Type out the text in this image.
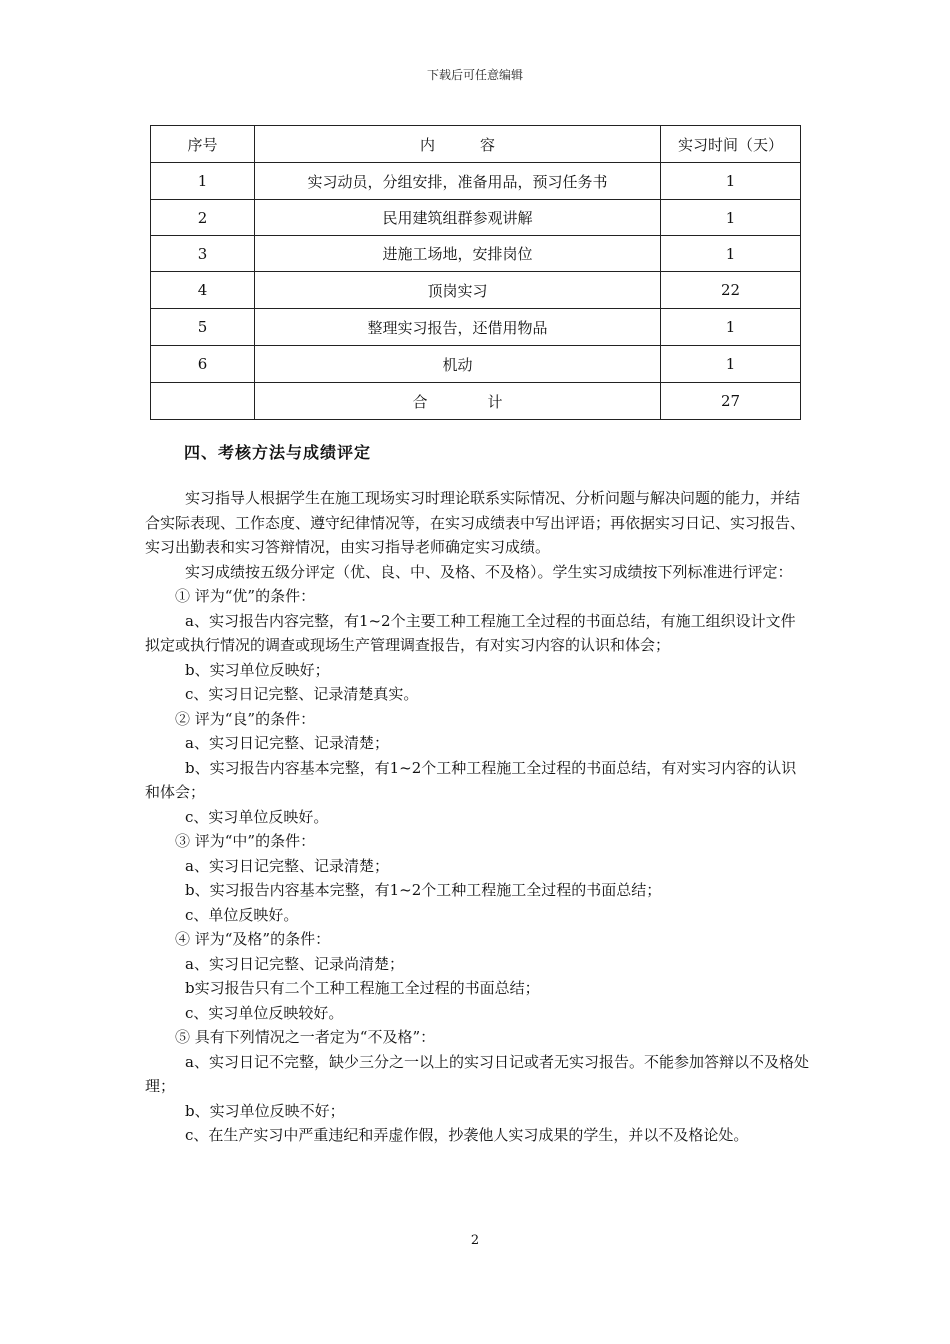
下载后可任意编辑
序号	内　　　容	实习时间（天）
1	实习动员，分组安排，准备用品，预习任务书	1
2	民用建筑组群参观讲解	1
3	进施工场地，安排岗位	1
4	顶岗实习	22
5	整理实习报告，还借用物品	1
6	机动	1
	合　　　　计	27
四、考核方法与成绩评定

实习指导人根据学生在施工现场实习时理论联系实际情况、分析问题与解决问题的能力，并结合实际表现、工作态度、遵守纪律情况等，在实习成绩表中写出评语；再依据实习日记、实习报告、实习出勤表和实习答辩情况，由实习指导老师确定实习成绩。

实习成绩按五级分评定（优、良、中、及格、不及格）。学生实习成绩按下列标准进行评定：

① 评为“优”的条件：

a、实习报告内容完整，有1~2个主要工种工程施工全过程的书面总结，有施工组织设计文件拟定或执行情况的调查或现场生产管理调查报告，有对实习内容的认识和体会；

b、实习单位反映好；

c、实习日记完整、记录清楚真实。

② 评为“良”的条件：

a、实习日记完整、记录清楚；

b、实习报告内容基本完整，有1~2个工种工程施工全过程的书面总结，有对实习内容的认识和体会；

c、实习单位反映好。

③ 评为“中”的条件：

a、实习日记完整、记录清楚；

b、实习报告内容基本完整，有1~2个工种工程施工全过程的书面总结；

c、单位反映好。

④ 评为“及格”的条件：

a、实习日记完整、记录尚清楚；

b实习报告只有二个工种工程施工全过程的书面总结；

c、实习单位反映较好。

⑤ 具有下列情况之一者定为“不及格”：

a、实习日记不完整，缺少三分之一以上的实习日记或者无实习报告。不能参加答辩以不及格处理；

b、实习单位反映不好；

c、在生产实习中严重违纪和弄虚作假，抄袭他人实习成果的学生，并以不及格论处。

2
